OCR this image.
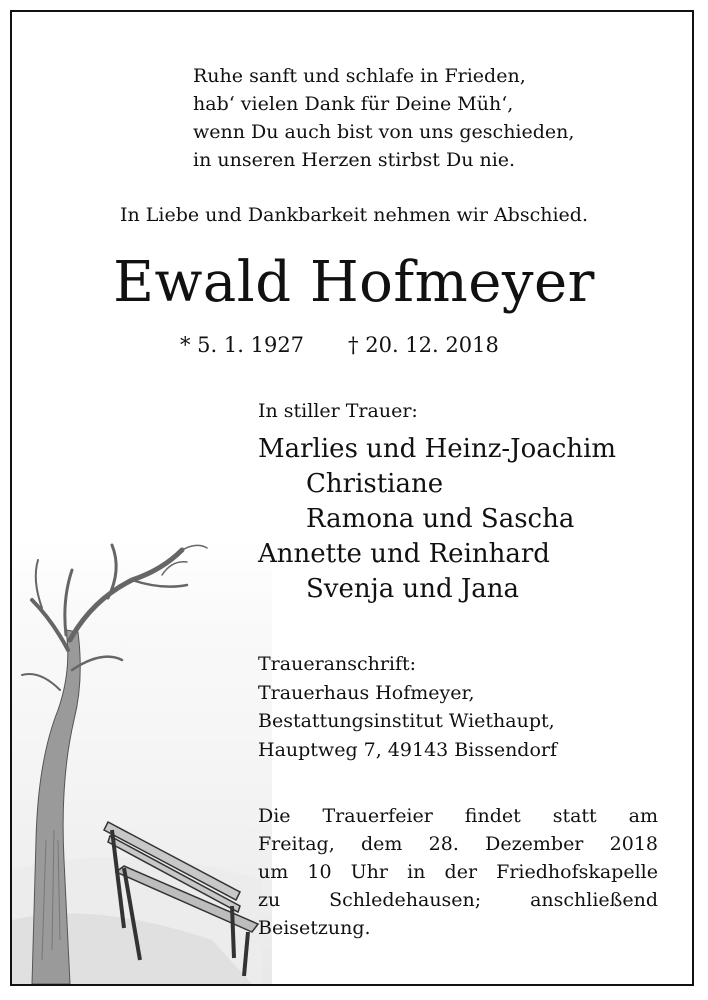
Ruhe sanft und schlafe in Frieden,
hab‘ vielen Dank für Deine Müh‘,
wenn Du auch bist von uns geschieden,
in unseren Herzen stirbst Du nie.
In Liebe und Dankbarkeit nehmen wir Abschied.
Ewald Hofmeyer
* 5. 1. 1927 † 20. 12. 2018
In stiller Trauer:
Marlies und Heinz-Joachim
Christiane
Ramona und Sascha
Annette und Reinhard
Svenja und Jana
Traueranschrift:
Trauerhaus Hofmeyer,
Bestattungsinstitut Wiethaupt,
Hauptweg 7, 49143 Bissendorf
Die Trauerfeier findet statt am
Freitag, dem 28. Dezember 2018
um 10 Uhr in der Friedhofskapelle
zu Schledehausen; anschließend
Beisetzung.
